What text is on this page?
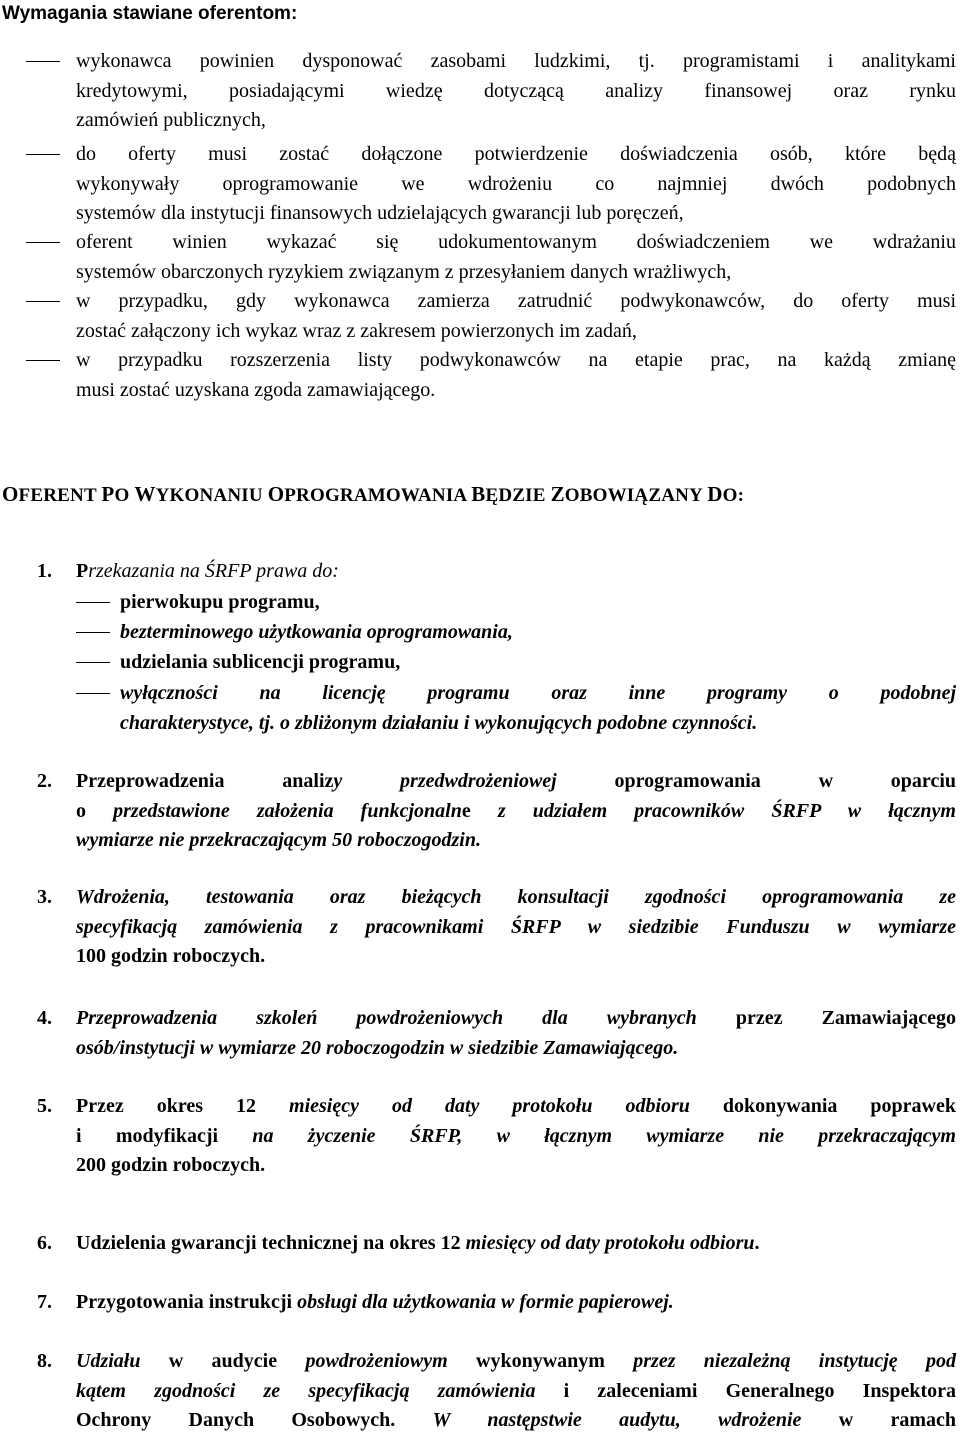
Wymagania stawiane oferentom:
wykonawca powinien dysponować zasobami ludzkimi, tj. programistami i analitykami
kredytowymi, posiadającymi wiedzę dotyczącą analizy finansowej oraz rynku
zamówień publicznych,
do oferty musi zostać dołączone potwierdzenie doświadczenia osób, które będą
wykonywały oprogramowanie we wdrożeniu co najmniej dwóch podobnych
systemów dla instytucji finansowych udzielających gwarancji lub poręczeń,
oferent winien wykazać się udokumentowanym doświadczeniem we wdrażaniu
systemów obarczonych ryzykiem związanym z przesyłaniem danych wrażliwych,
w przypadku, gdy wykonawca zamierza zatrudnić podwykonawców, do oferty musi
zostać załączony ich wykaz wraz z zakresem powierzonych im zadań,
w przypadku rozszerzenia listy podwykonawców na etapie prac, na każdą zmianę
musi zostać uzyskana zgoda zamawiającego.
OFERENT PO WYKONANIU OPROGRAMOWANIA BĘDZIE ZOBOWIĄZANY DO:
1. Przekazania na ŚRFP prawa do:
pierwokupu programu,
bezterminowego użytkowania oprogramowania,
udzielania sublicencji programu,
wyłączności na licencję programu oraz inne programy o podobnej
charakterystyce, tj. o zbliżonym działaniu i wykonujących podobne czynności.
2. Przeprowadzenia analizy przedwdrożeniowej oprogramowania w oparciu
o przedstawione założenia funkcjonalne z udziałem pracowników ŚRFP w łącznym
wymiarze nie przekraczającym 50 roboczogodzin.
3. Wdrożenia, testowania oraz bieżących konsultacji zgodności oprogramowania ze
specyfikacją zamówienia z pracownikami ŚRFP w siedzibie Funduszu w wymiarze
100 godzin roboczych.
4. Przeprowadzenia szkoleń powdrożeniowych dla wybranych przez Zamawiającego
osób/instytucji w wymiarze 20 roboczogodzin w siedzibie Zamawiającego.
5. Przez okres 12 miesięcy od daty protokołu odbioru dokonywania poprawek
i modyfikacji na życzenie ŚRFP, w łącznym wymiarze nie przekraczającym
200 godzin roboczych.
6. Udzielenia gwarancji technicznej na okres 12 miesięcy od daty protokołu odbioru.
7. Przygotowania instrukcji obsługi dla użytkowania w formie papierowej.
8. Udziału w audycie powdrożeniowym wykonywanym przez niezależną instytucję pod
kątem zgodności ze specyfikacją zamówienia i zaleceniami Generalnego Inspektora
Ochrony Danych Osobowych. W następstwie audytu, wdrożenie w ramach
